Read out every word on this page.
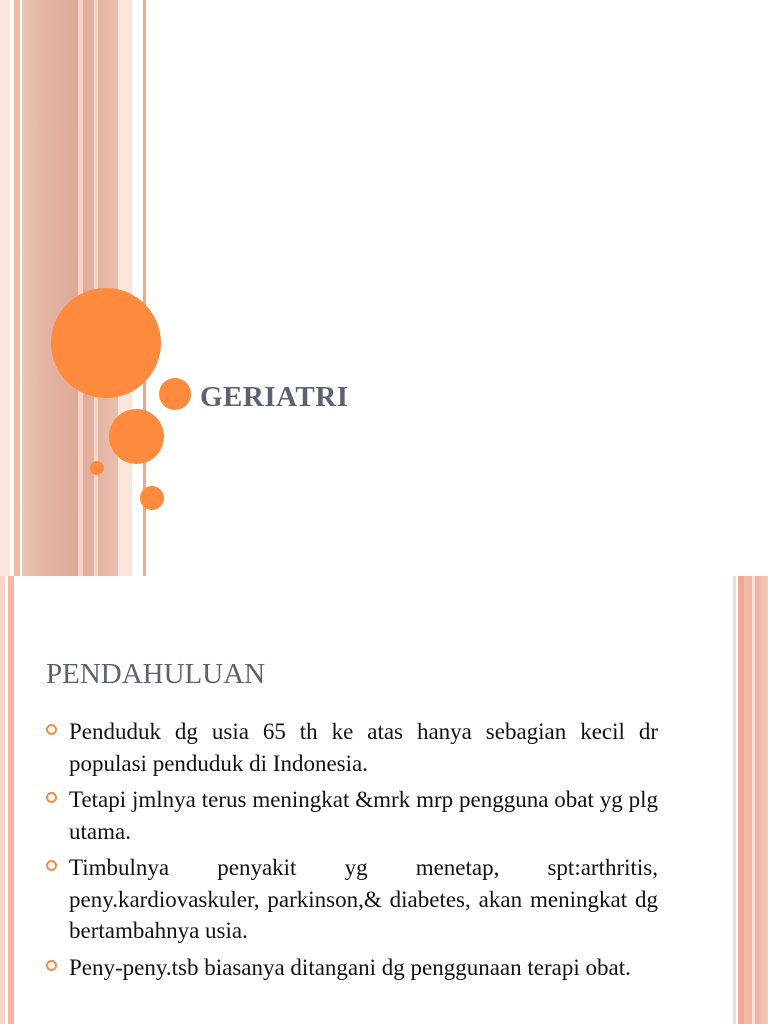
GERIATRI
PENDAHULUAN
Penduduk dg usia 65 th ke atas hanya sebagian kecil dr populasi penduduk di Indonesia.
Tetapi jmlnya terus meningkat &mrk mrp pengguna obat yg plg utama.
Timbulnya penyakit yg menetap, spt:arthritis, peny.kardiovaskuler, parkinson,& diabetes, akan meningkat dg bertambahnya usia.
Peny-peny.tsb biasanya ditangani dg penggunaan terapi obat.
